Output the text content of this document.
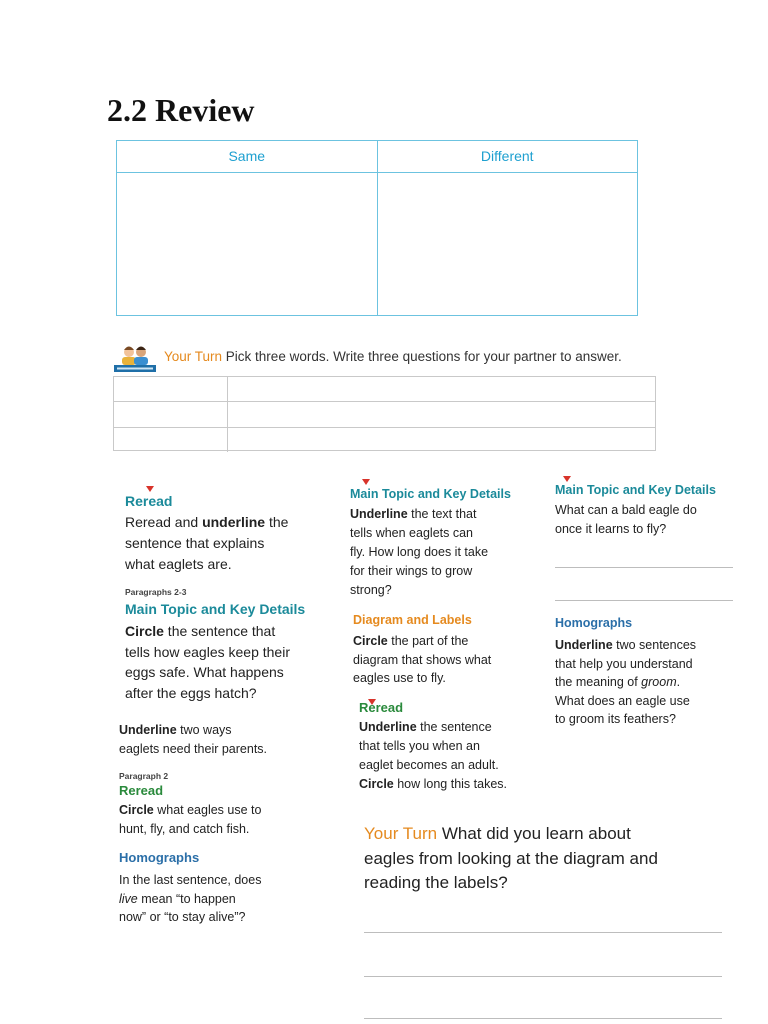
2.2 Review
Same	Different
Your Turn Pick three words. Write three questions for your partner to answer.
Reread
Reread and underline the
sentence that explains
what eaglets are.
Paragraphs 2-3
Main Topic and Key Details
Circle the sentence that
tells how eagles keep their
eggs safe. What happens
after the eggs hatch?
Underline two ways
eaglets need their parents.
Paragraph 2
Reread
Circle what eagles use to
hunt, fly, and catch fish.
Homographs
In the last sentence, does
live mean “to happen
now” or “to stay alive”?
Main Topic and Key Details
Underline the text that
tells when eaglets can
fly. How long does it take
for their wings to grow
strong?
Diagram and Labels
Circle the part of the
diagram that shows what
eagles use to fly.
Reread
Underline the sentence
that tells you when an
eaglet becomes an adult.
Circle how long this takes.
Main Topic and Key Details
What can a bald eagle do
once it learns to fly?
Homographs
Underline two sentences
that help you understand
the meaning of groom.
What does an eagle use
to groom its feathers?
Your Turn What did you learn about
eagles from looking at the diagram and
reading the labels?
